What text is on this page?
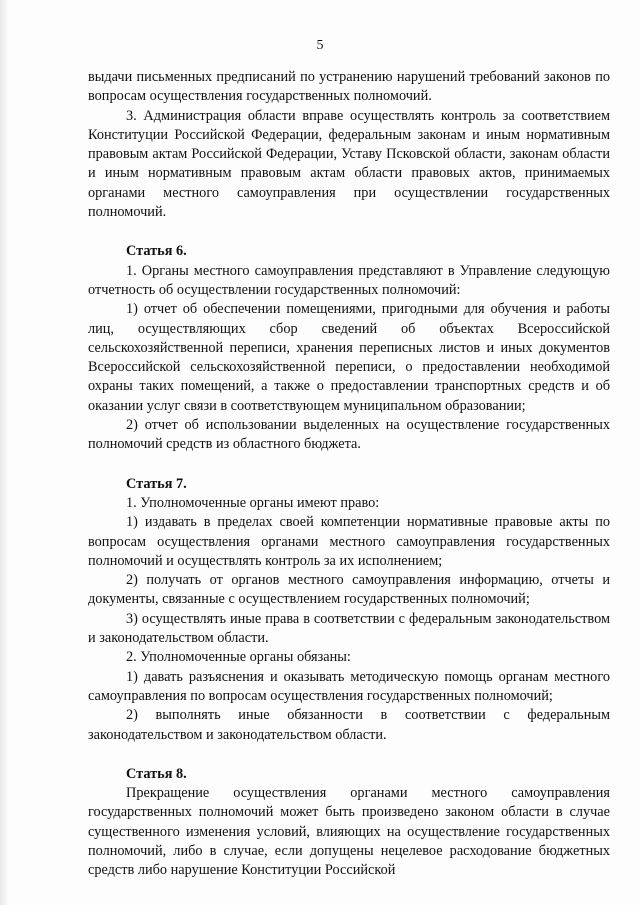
5
выдачи письменных предписаний по устранению нарушений требований законов по вопросам осуществления государственных полномочий.
3. Администрация области вправе осуществлять контроль за соответствием Конституции Российской Федерации, федеральным законам и иным нормативным правовым актам Российской Федерации, Уставу Псковской области, законам области и иным нормативным правовым актам области правовых актов, принимаемых органами местного самоуправления при осуществлении государственных полномочий.
Статья 6.
1. Органы местного самоуправления представляют в Управление следующую отчетность об осуществлении государственных полномочий:
1) отчет об обеспечении помещениями, пригодными для обучения и работы лиц, осуществляющих сбор сведений об объектах Всероссийской сельскохозяйственной переписи, хранения переписных листов и иных документов Всероссийской сельскохозяйственной переписи, о предоставлении необходимой охраны таких помещений, а также о предоставлении транспортных средств и об оказании услуг связи в соответствующем муниципальном образовании;
2) отчет об использовании выделенных на осуществление государственных полномочий средств из областного бюджета.
Статья 7.
1. Уполномоченные органы имеют право:
1) издавать в пределах своей компетенции нормативные правовые акты по вопросам осуществления органами местного самоуправления государственных полномочий и осуществлять контроль за их исполнением;
2) получать от органов местного самоуправления информацию, отчеты и документы, связанные с осуществлением государственных полномочий;
3) осуществлять иные права в соответствии с федеральным законодательством и законодательством области.
2. Уполномоченные органы обязаны:
1) давать разъяснения и оказывать методическую помощь органам местного самоуправления по вопросам осуществления государственных полномочий;
2) выполнять иные обязанности в соответствии с федеральным законодательством и законодательством области.
Статья 8.
Прекращение осуществления органами местного самоуправления государственных полномочий может быть произведено законом области в случае существенного изменения условий, влияющих на осуществление государственных полномочий, либо в случае, если допущены нецелевое расходование бюджетных средств либо нарушение Конституции Российской
